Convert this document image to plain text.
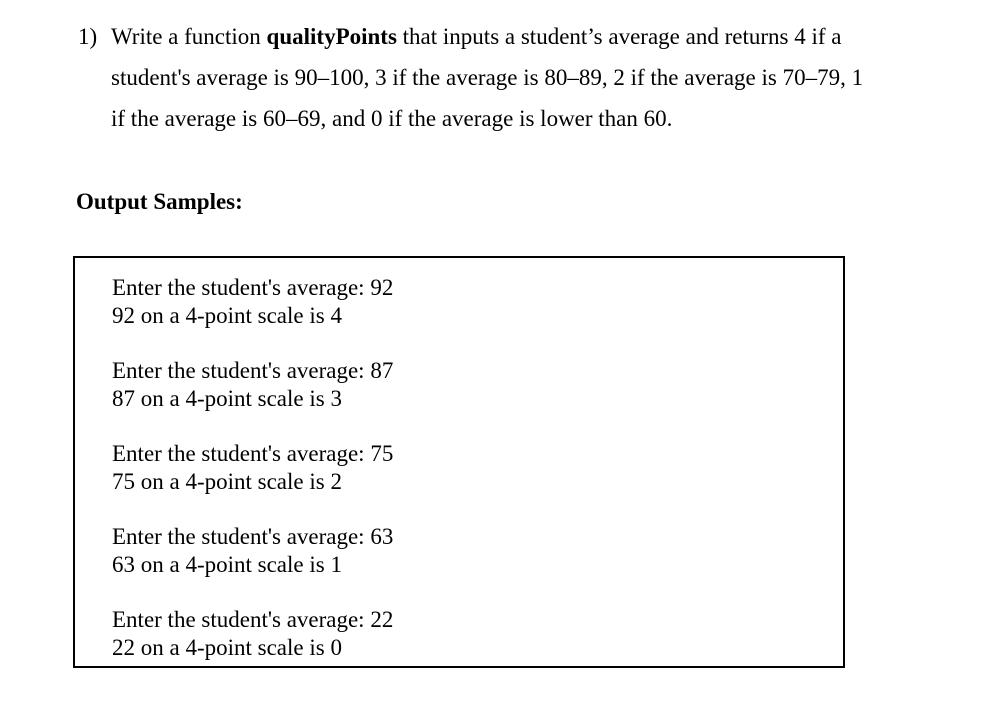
1) Write a function qualityPoints that inputs a student’s average and returns 4 if a
student's average is 90–100, 3 if the average is 80–89, 2 if the average is 70–79, 1
if the average is 60–69, and 0 if the average is lower than 60.
Output Samples:
Enter the student's average: 92
92 on a 4-point scale is 4
Enter the student's average: 87
87 on a 4-point scale is 3
Enter the student's average: 75
75 on a 4-point scale is 2
Enter the student's average: 63
63 on a 4-point scale is 1
Enter the student's average: 22
22 on a 4-point scale is 0
